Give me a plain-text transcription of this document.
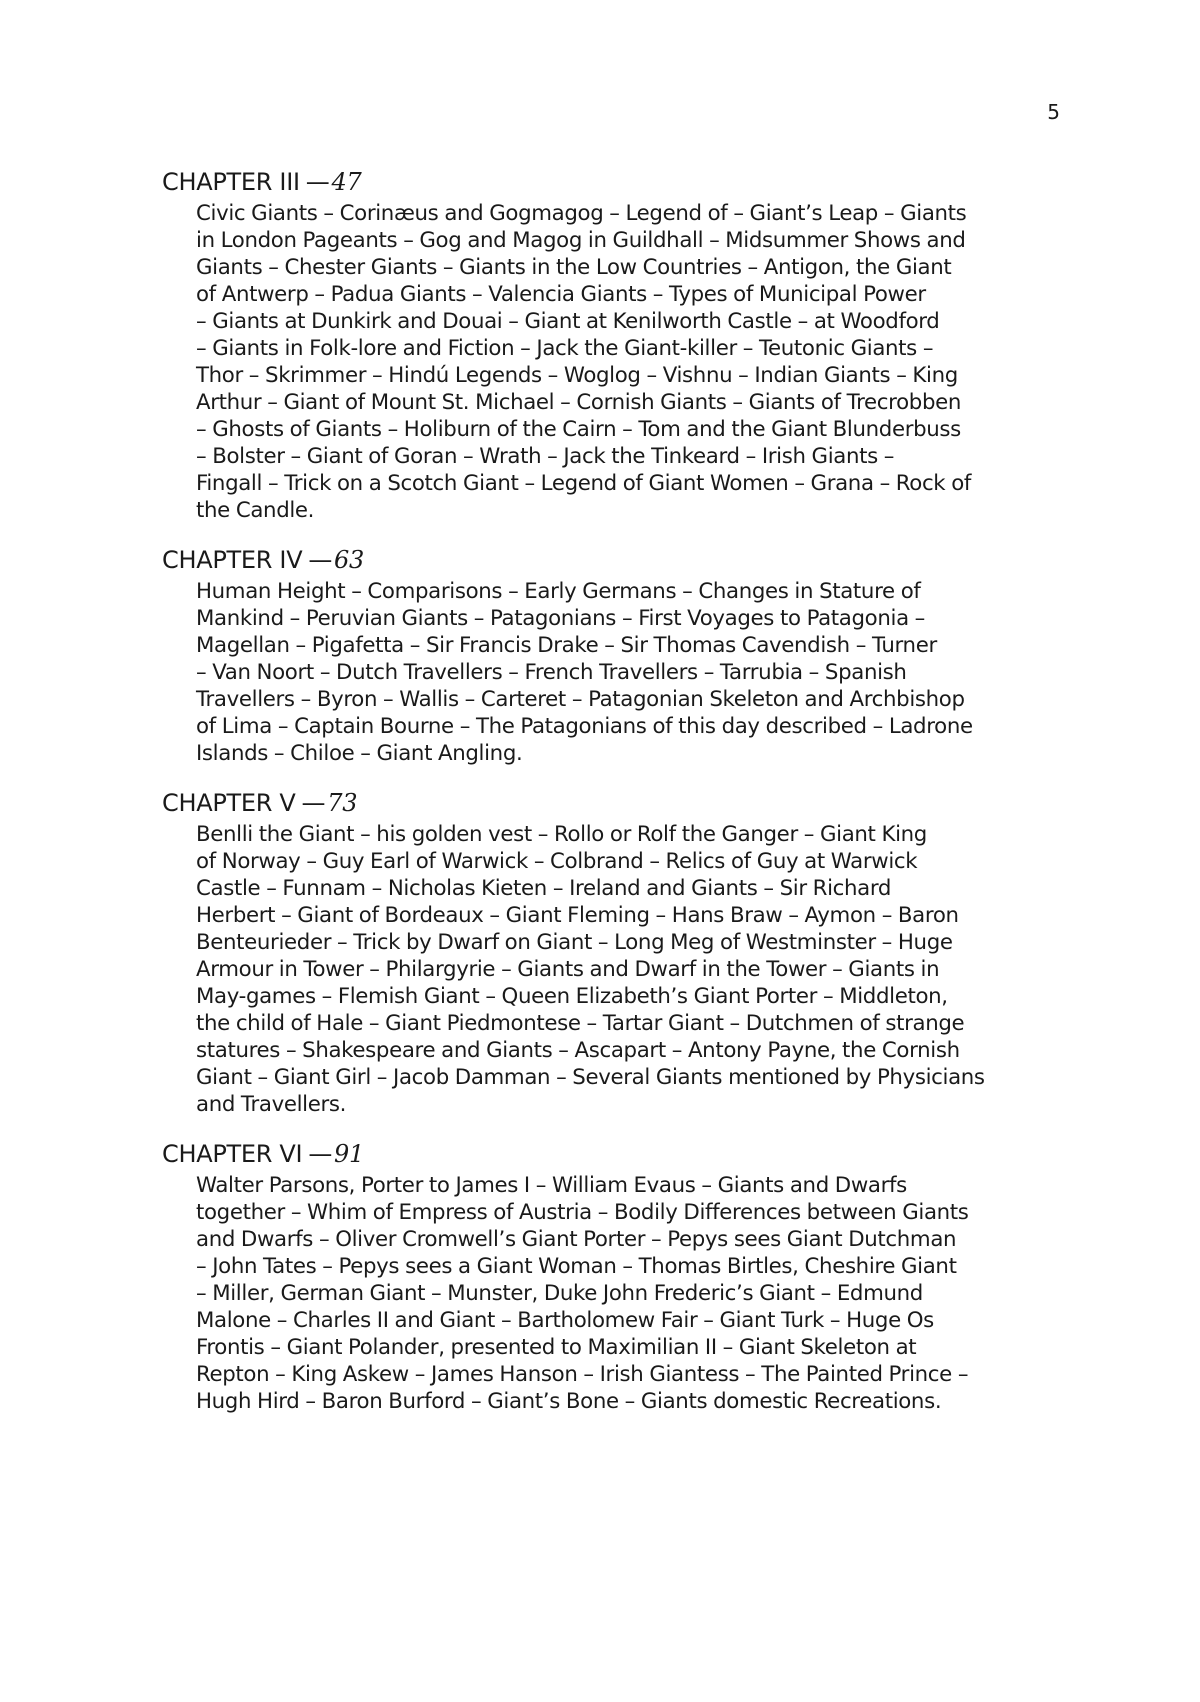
5
CHAPTER III —47
Civic Giants – Corinæus and Gogmagog – Legend of – Giant’s Leap – Giants
in London Pageants – Gog and Magog in Guildhall – Midsummer Shows and
Giants – Chester Giants – Giants in the Low Countries – Antigon, the Giant
of Antwerp – Padua Giants – Valencia Giants – Types of Municipal Power
– Giants at Dunkirk and Douai – Giant at Kenilworth Castle – at Woodford
– Giants in Folk-lore and Fiction – Jack the Giant-killer – Teutonic Giants –
Thor – Skrimmer – Hindú Legends – Woglog – Vishnu – Indian Giants – King
Arthur – Giant of Mount St. Michael – Cornish Giants – Giants of Trecrobben
– Ghosts of Giants – Holiburn of the Cairn – Tom and the Giant Blunderbuss
– Bolster – Giant of Goran – Wrath – Jack the Tinkeard – Irish Giants –
Fingall – Trick on a Scotch Giant – Legend of Giant Women – Grana – Rock of
the Candle.
CHAPTER IV —63
Human Height – Comparisons – Early Germans – Changes in Stature of
Mankind – Peruvian Giants – Patagonians – First Voyages to Patagonia –
Magellan – Pigafetta – Sir Francis Drake – Sir Thomas Cavendish – Turner
– Van Noort – Dutch Travellers – French Travellers – Tarrubia – Spanish
Travellers – Byron – Wallis – Carteret – Patagonian Skeleton and Archbishop
of Lima – Captain Bourne – The Patagonians of this day described – Ladrone
Islands – Chiloe – Giant Angling.
CHAPTER V —73
Benlli the Giant – his golden vest – Rollo or Rolf the Ganger – Giant King
of Norway – Guy Earl of Warwick – Colbrand – Relics of Guy at Warwick
Castle – Funnam – Nicholas Kieten – Ireland and Giants – Sir Richard
Herbert – Giant of Bordeaux – Giant Fleming – Hans Braw – Aymon – Baron
Benteurieder – Trick by Dwarf on Giant – Long Meg of Westminster – Huge
Armour in Tower – Philargyrie – Giants and Dwarf in the Tower – Giants in
May-games – Flemish Giant – Queen Elizabeth’s Giant Porter – Middleton,
the child of Hale – Giant Piedmontese – Tartar Giant – Dutchmen of strange
statures – Shakespeare and Giants – Ascapart – Antony Payne, the Cornish
Giant – Giant Girl – Jacob Damman – Several Giants mentioned by Physicians
and Travellers.
CHAPTER VI —91
Walter Parsons, Porter to James I – William Evaus – Giants and Dwarfs
together – Whim of Empress of Austria – Bodily Differences between Giants
and Dwarfs – Oliver Cromwell’s Giant Porter – Pepys sees Giant Dutchman
– John Tates – Pepys sees a Giant Woman – Thomas Birtles, Cheshire Giant
– Miller, German Giant – Munster, Duke John Frederic’s Giant – Edmund
Malone – Charles II and Giant – Bartholomew Fair – Giant Turk – Huge Os
Frontis – Giant Polander, presented to Maximilian II – Giant Skeleton at
Repton – King Askew – James Hanson – Irish Giantess – The Painted Prince –
Hugh Hird – Baron Burford – Giant’s Bone – Giants domestic Recreations.
